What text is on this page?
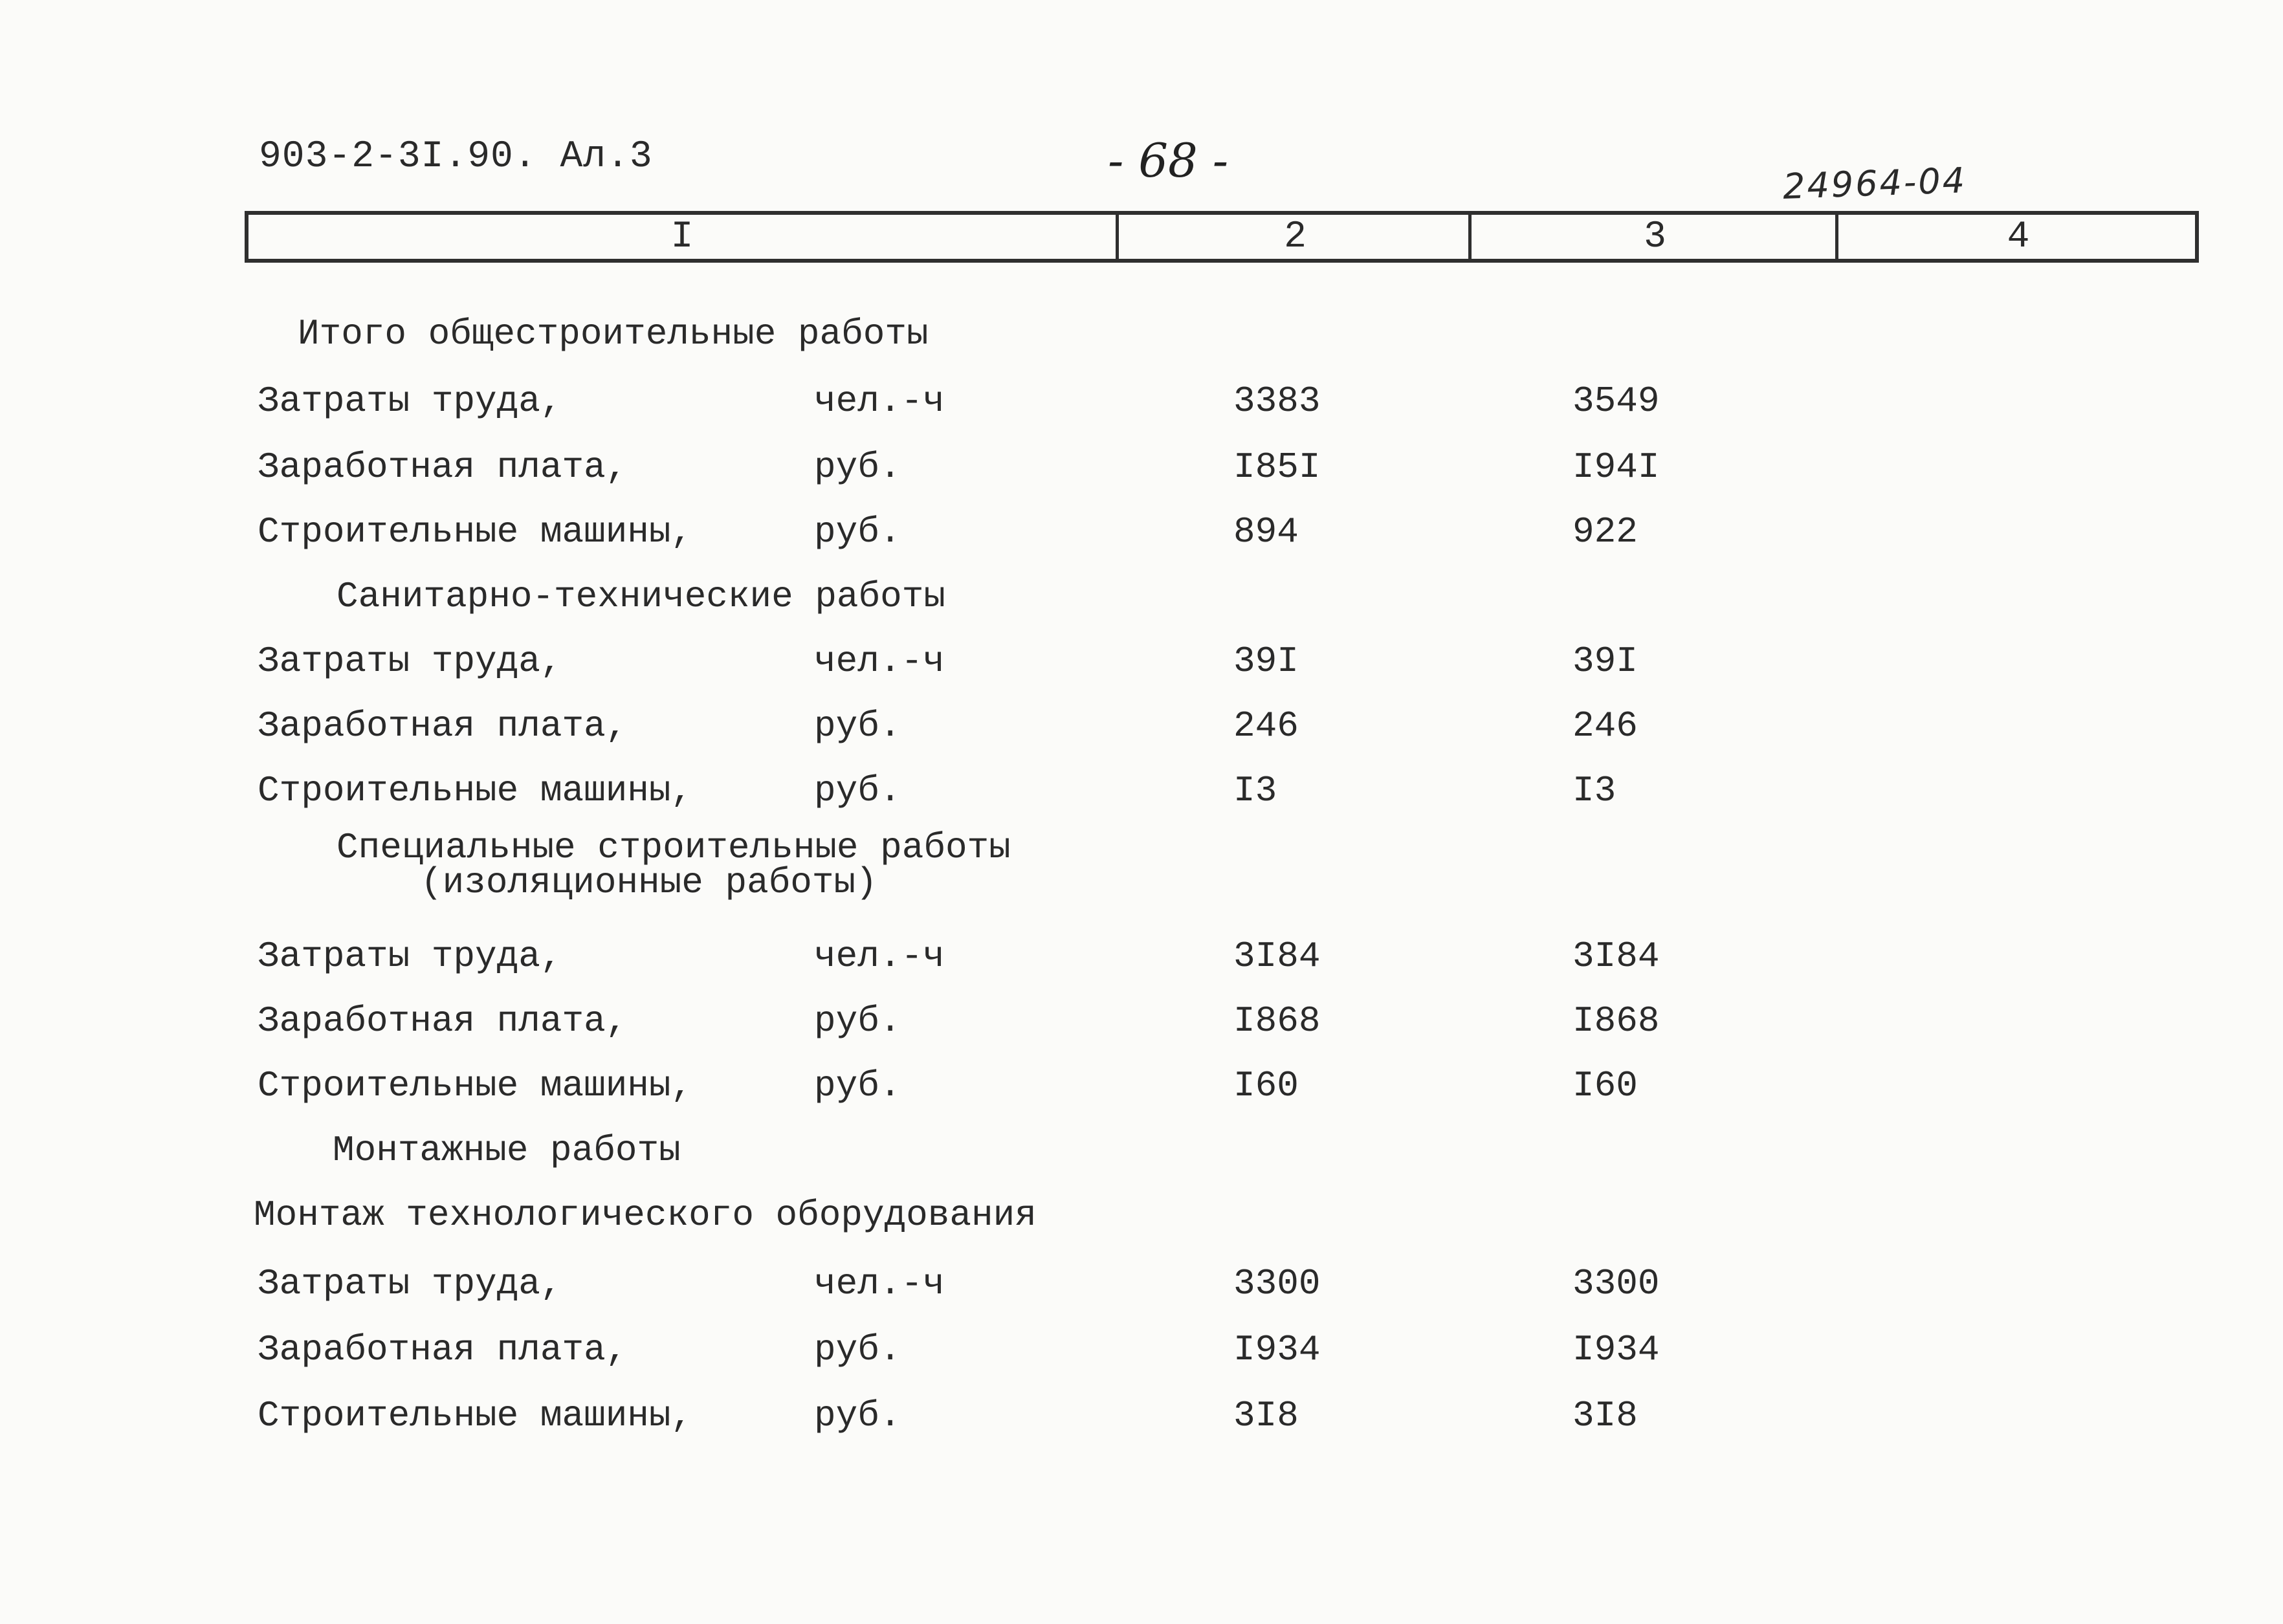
903-2-3I.90. Ал.3	- 68 -	24964-04
I	2	3	4
Итого общестроительные работы
Затраты труда,	чел.-ч	3383	3549
Заработная плата,	руб.	I85I	I94I
Строительные машины,	руб.	894	922
Санитарно-технические работы
Затраты труда,	чел.-ч	39I	39I
Заработная плата,	руб.	246	246
Строительные машины,	руб.	I3	I3
Специальные строительные работы
(изоляционные работы)
Затраты труда,	чел.-ч	3I84	3I84
Заработная плата,	руб.	I868	I868
Строительные машины,	руб.	I60	I60
Монтажные работы
Монтаж технологического оборудования
Затраты труда,	чел.-ч	3300	3300
Заработная плата,	руб.	I934	I934
Строительные машины,	руб.	3I8	3I8
